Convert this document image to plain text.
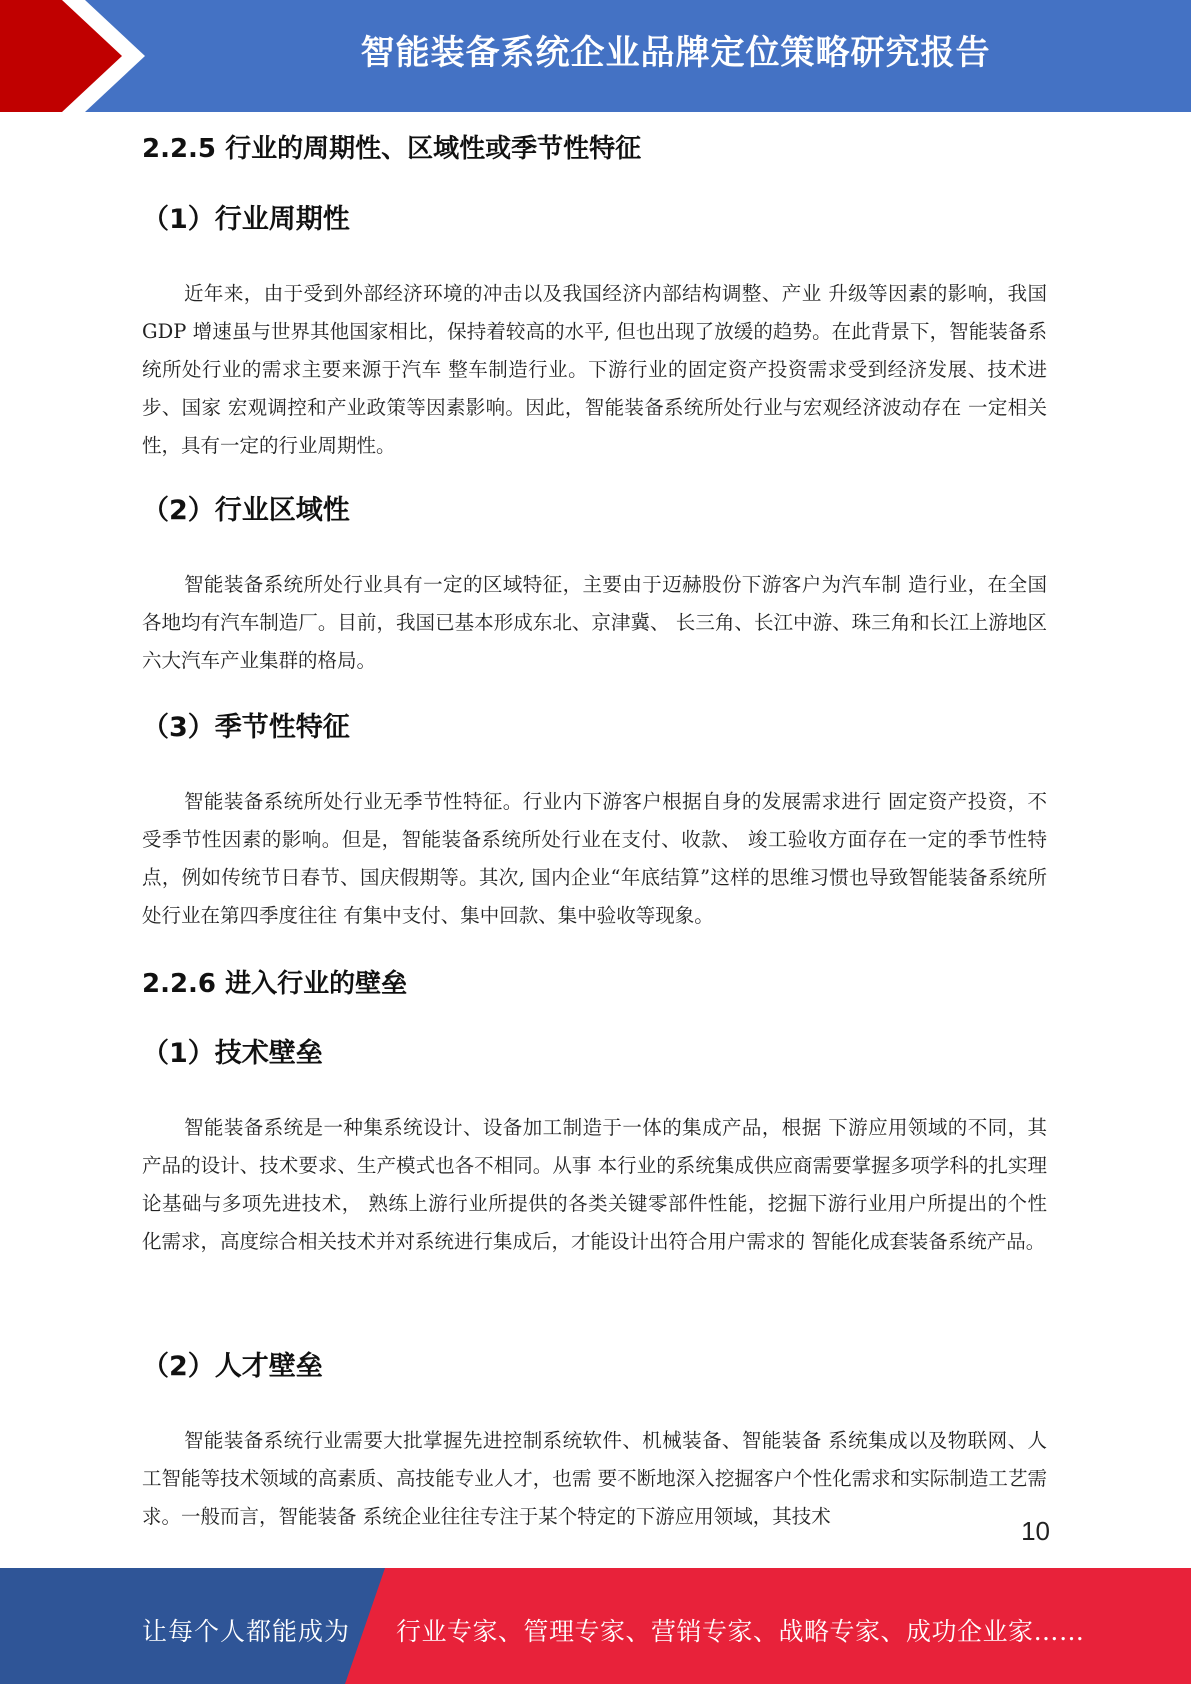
智能装备系统企业品牌定位策略研究报告
2.2.5 行业的周期性、区域性或季节性特征
（1）行业周期性

近年来，由于受到外部经济环境的冲击以及我国经济内部结构调整、产业 升级等因素的影响，我国 GDP 增速虽与世界其他国家相比，保持着较高的水平, 但也出现了放缓的趋势。在此背景下，智能装备系统所处行业的需求主要来源于汽车 整车制造行业。下游行业的固定资产投资需求受到经济发展、技术进步、国家 宏观调控和产业政策等因素影响。因此，智能装备系统所处行业与宏观经济波动存在 一定相关性，具有一定的行业周期性。

（2）行业区域性

智能装备系统所处行业具有一定的区域特征，主要由于迈赫股份下游客户为汽车制 造行业，在全国各地均有汽车制造厂。目前，我国已基本形成东北、京津冀、 长三角、长江中游、珠三角和长江上游地区六大汽车产业集群的格局。

（3）季节性特征

智能装备系统所处行业无季节性特征。行业内下游客户根据自身的发展需求进行 固定资产投资，不受季节性因素的影响。但是，智能装备系统所处行业在支付、收款、 竣工验收方面存在一定的季节性特点，例如传统节日春节、国庆假期等。其次, 国内企业“年底结算”这样的思维习惯也导致智能装备系统所处行业在第四季度往往 有集中支付、集中回款、集中验收等现象。

2.2.6 进入行业的壁垒
（1）技术壁垒

智能装备系统是一种集系统设计、设备加工制造于一体的集成产品，根据 下游应用领域的不同，其产品的设计、技术要求、生产模式也各不相同。从事 本行业的系统集成供应商需要掌握多项学科的扎实理论基础与多项先进技术， 熟练上游行业所提供的各类关键零部件性能，挖掘下游行业用户所提出的个性 化需求，高度综合相关技术并对系统进行集成后，才能设计出符合用户需求的 智能化成套装备系统产品。

（2）人才壁垒

智能装备系统行业需要大批掌握先进控制系统软件、机械装备、智能装备 系统集成以及物联网、人工智能等技术领域的高素质、高技能专业人才，也需 要不断地深入挖掘客户个性化需求和实际制造工艺需求。一般而言，智能装备 系统企业往往专注于某个特定的下游应用领域，其技术	10
让每个人都能成为 行业专家、管理专家、营销专家、战略专家、成功企业家……
